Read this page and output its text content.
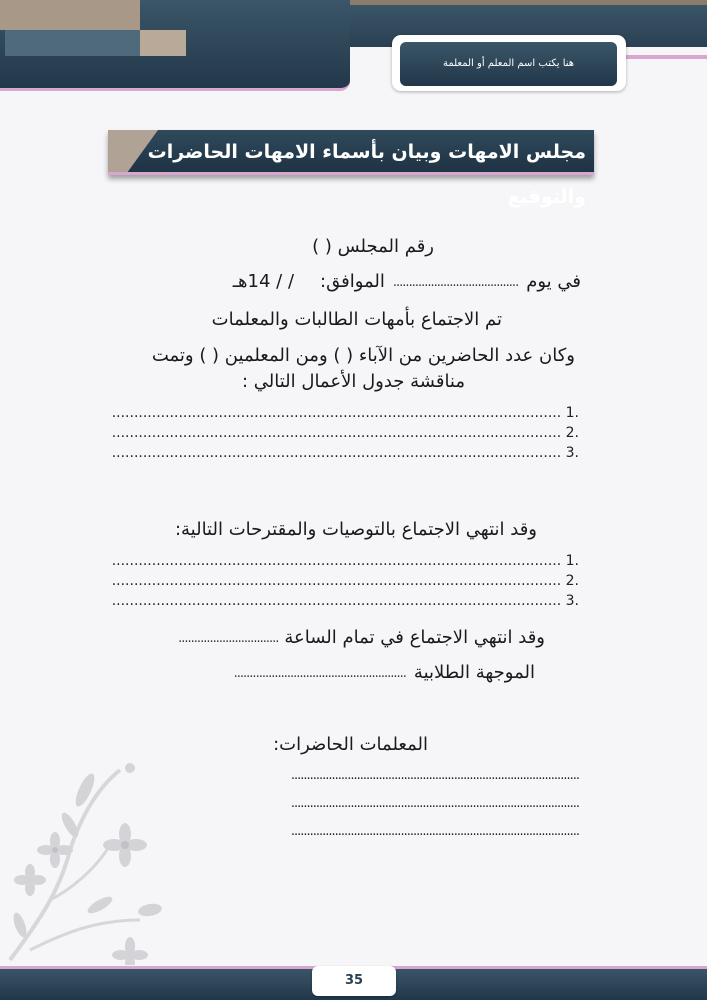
هنا يكتب اسم المعلم أو المعلمة
مجلس الامهات وبيان بأسماء الامهات الحاضرات والتوقيع
رقم المجلس ( )
في يوم
........................................
الموافق:
/ / 14هـ
تم الاجتماع بأمهات الطالبات والمعلمات
وكان عدد الحاضرين من الآباء ( ) ومن المعلمين ( ) وتمت
مناقشة جدول الأعمال التالي :
.1 .....................................................................................................
.2 .....................................................................................................
.3 .....................................................................................................
وقد انتهي الاجتماع بالتوصيات والمقترحات التالية:
.1 .....................................................................................................
.2 .....................................................................................................
.3 .....................................................................................................
وقد انتهي الاجتماع في تمام الساعة
................................
الموجهة الطلابية
.......................................................
المعلمات الحاضرات:
............................................................................................
............................................................................................
............................................................................................
35
